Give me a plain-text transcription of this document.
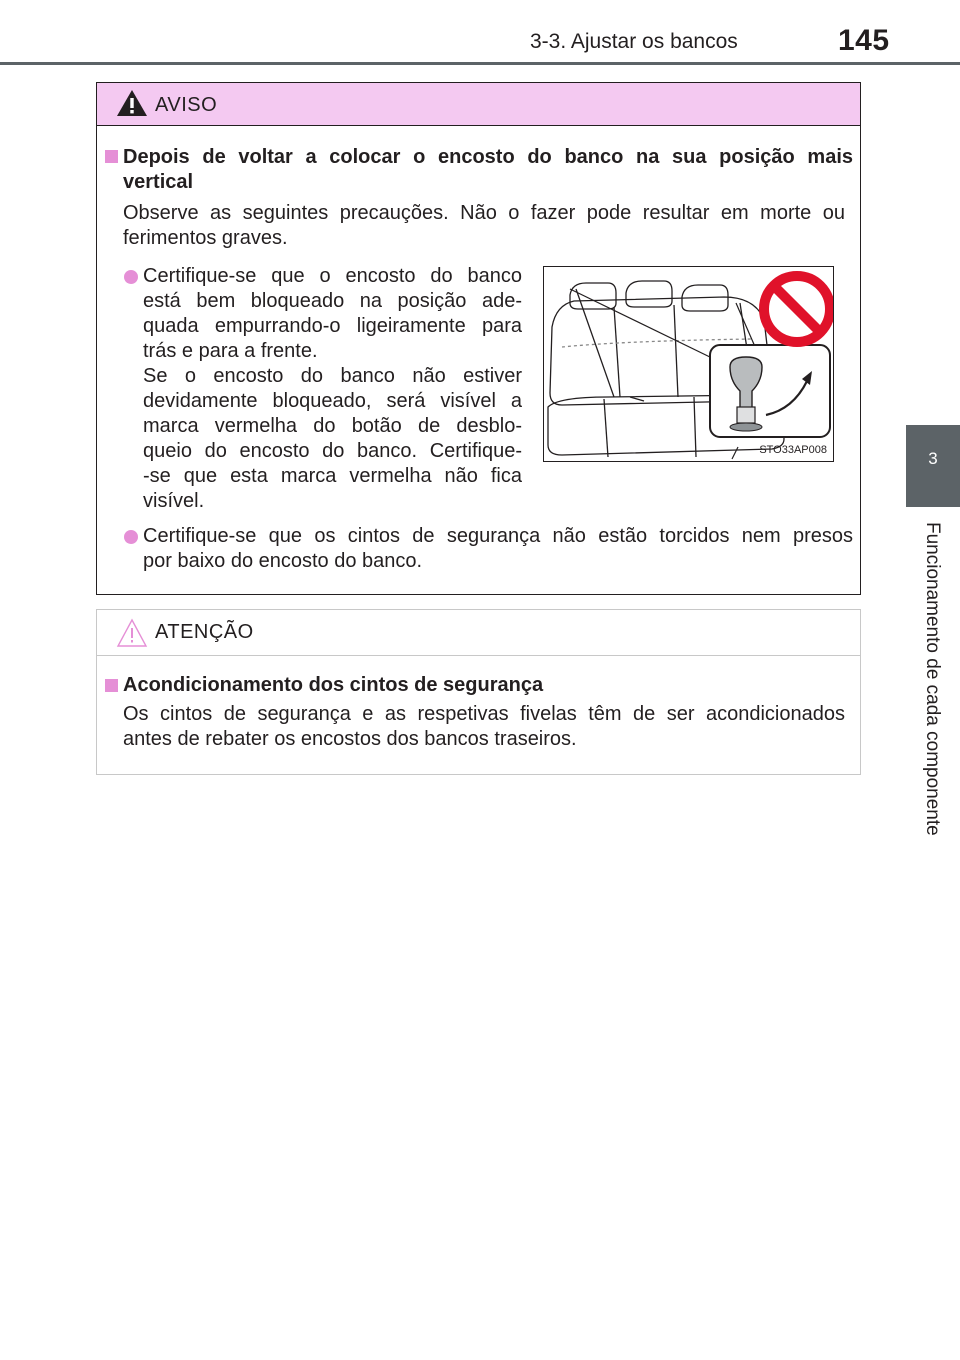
3-3. Ajustar os bancos	145
3
Funcionamento de cada componente
AVISO
Depois de voltar a colocar o encosto do banco na sua posição mais
vertical
Observe as seguintes precauções. Não o fazer pode resultar em morte ou
ferimentos graves.
Certifique-se que o encosto do banco
está bem bloqueado na posição ade-
quada empurrando-o ligeiramente para
trás e para a frente.
Se o encosto do banco não estiver
devidamente bloqueado, será visível a
marca vermelha do botão de desblo-
queio do encosto do banco. Certifique-
-se que esta marca vermelha não fica
visível.
Certifique-se que os cintos de segurança não estão torcidos nem presos
por baixo do encosto do banco.
STO33AP008
ATENÇÃO
Acondicionamento dos cintos de segurança
Os cintos de segurança e as respetivas fivelas têm de ser acondicionados
antes de rebater os encostos dos bancos traseiros.
